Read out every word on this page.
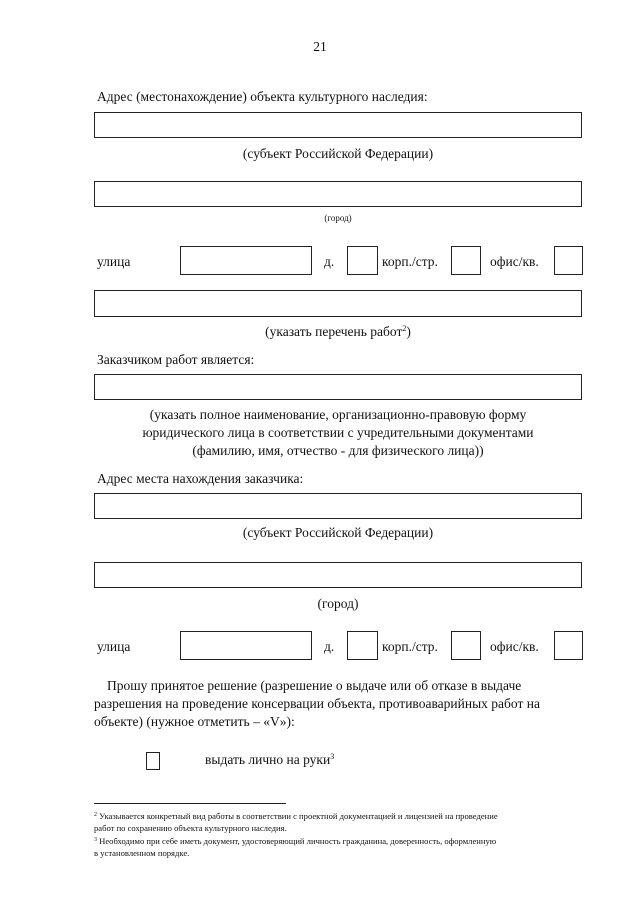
21
Адрес (местонахождение) объекта культурного наследия:
(субъект Российской Федерации)
(город)
улица	д.	корп./стр.	офис/кв.
(указать перечень работ$^2$)
Заказчиком работ является:
(указать полное наименование, организационно-правовую форму
юридического лица в соответствии с учредительными документами
(фамилию, имя, отчество - для физического лица))
Адрес места нахождения заказчика:
(субъект Российской Федерации)
(город)
улица	д.	корп./стр.	офис/кв.
Прошу принятое решение (разрешение о выдаче или об отказе в выдаче
разрешения на проведение консервации объекта, противоаварийных работ на
объекте) (нужное отметить – «V»):
выдать лично на руки$^3$
$^2$ Указывается конкретный вид работы в соответствии с проектной документацией и лицензией на проведение
работ по сохранению объекта культурного наследия.
$^3$ Необходимо при себе иметь документ, удостоверяющий личность гражданина, доверенность, оформленную
в установленном порядке.
